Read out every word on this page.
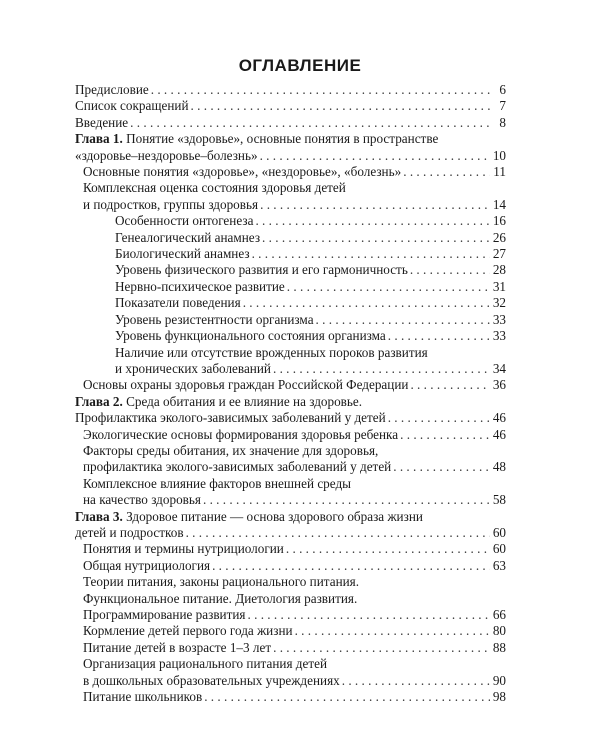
ОГЛАВЛЕНИЕ
Предисловие . . .	6
Список сокращений . . .	7
Введение . . .	8
Глава 1. Понятие «здоровье», основные понятия в пространстве
«здоровье–нездоровье–болезнь» . . .	10
Основные понятия «здоровье», «нездоровье», «болезнь» . . .	11
Комплексная оценка состояния здоровья детей
и подростков, группы здоровья . . .	14
Особенности онтогенеза . . .	16
Генеалогический анамнез . . .	26
Биологический анамнез . . .	27
Уровень физического развития и его гармоничность . . .	28
Нервно-психическое развитие . . .	31
Показатели поведения . . .	32
Уровень резистентности организма . . .	33
Уровень функционального состояния организма . . .	33
Наличие или отсутствие врожденных пороков развития
и хронических заболеваний . . .	34
Основы охраны здоровья граждан Российской Федерации . . .	36
Глава 2. Среда обитания и ее влияние на здоровье.
Профилактика эколого-зависимых заболеваний у детей . . .	46
Экологические основы формирования здоровья ребенка . . .	46
Факторы среды обитания, их значение для здоровья,
профилактика эколого-зависимых заболеваний у детей . . .	48
Комплексное влияние факторов внешней среды
на качество здоровья . . .	58
Глава 3. Здоровое питание — основа здорового образа жизни
детей и подростков . . .	60
Понятия и термины нутрициологии . . .	60
Общая нутрициология . . .	63
Теории питания, законы рационального питания.
Функциональное питание. Диетология развития.
Программирование развития . . .	66
Кормление детей первого года жизни . . .	80
Питание детей в возрасте 1–3 лет . . .	88
Организация рационального питания детей
в дошкольных образовательных учреждениях . . .	90
Питание школьников . . .	98
